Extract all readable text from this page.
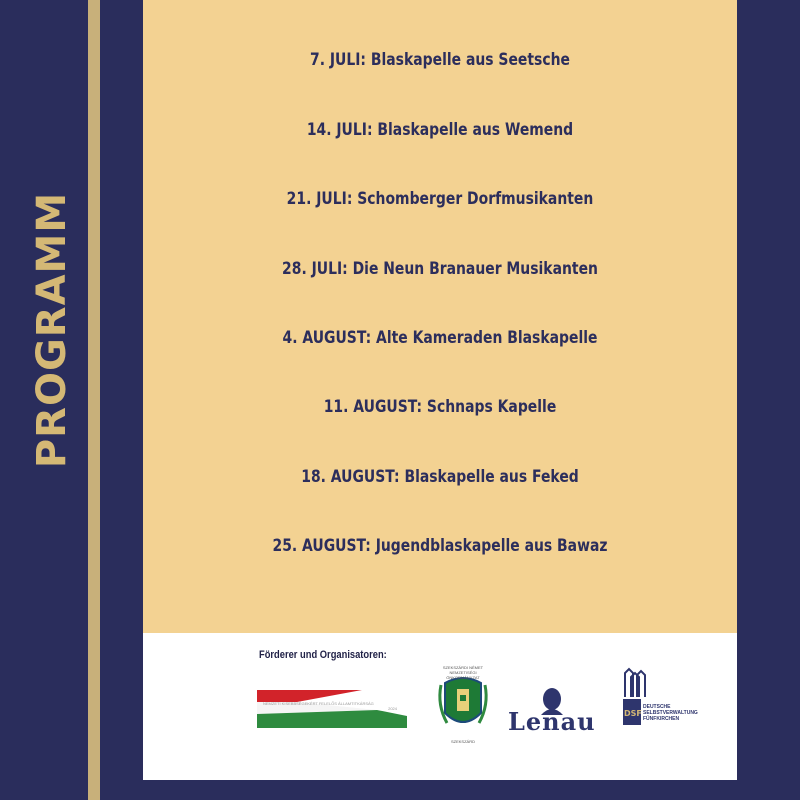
PROGRAMM
7. JULI: Blaskapelle aus Seetsche
14. JULI: Blaskapelle aus Wemend
21. JULI: Schomberger Dorfmusikanten
28. JULI: Die Neun Branauer Musikanten
4. AUGUST: Alte Kameraden Blaskapelle
11. AUGUST: Schnaps Kapelle
18. AUGUST: Blaskapelle aus Feked
25. AUGUST: Jugendblaskapelle aus Bawaz
Förderer und Organisatoren:
NEMZETI KISEBBSÉGEKÉRT FELELŐS ÁLLAMTITKÁRSÁG
2024
SZEKSZÁRDI NÉMET NEMZETISÉGI ÖNKORMÁNYZAT
SZEKSZÁRD
Lenau	DSF
DEUTSCHE SELBSTVERWALTUNG FÜNFKIRCHEN
